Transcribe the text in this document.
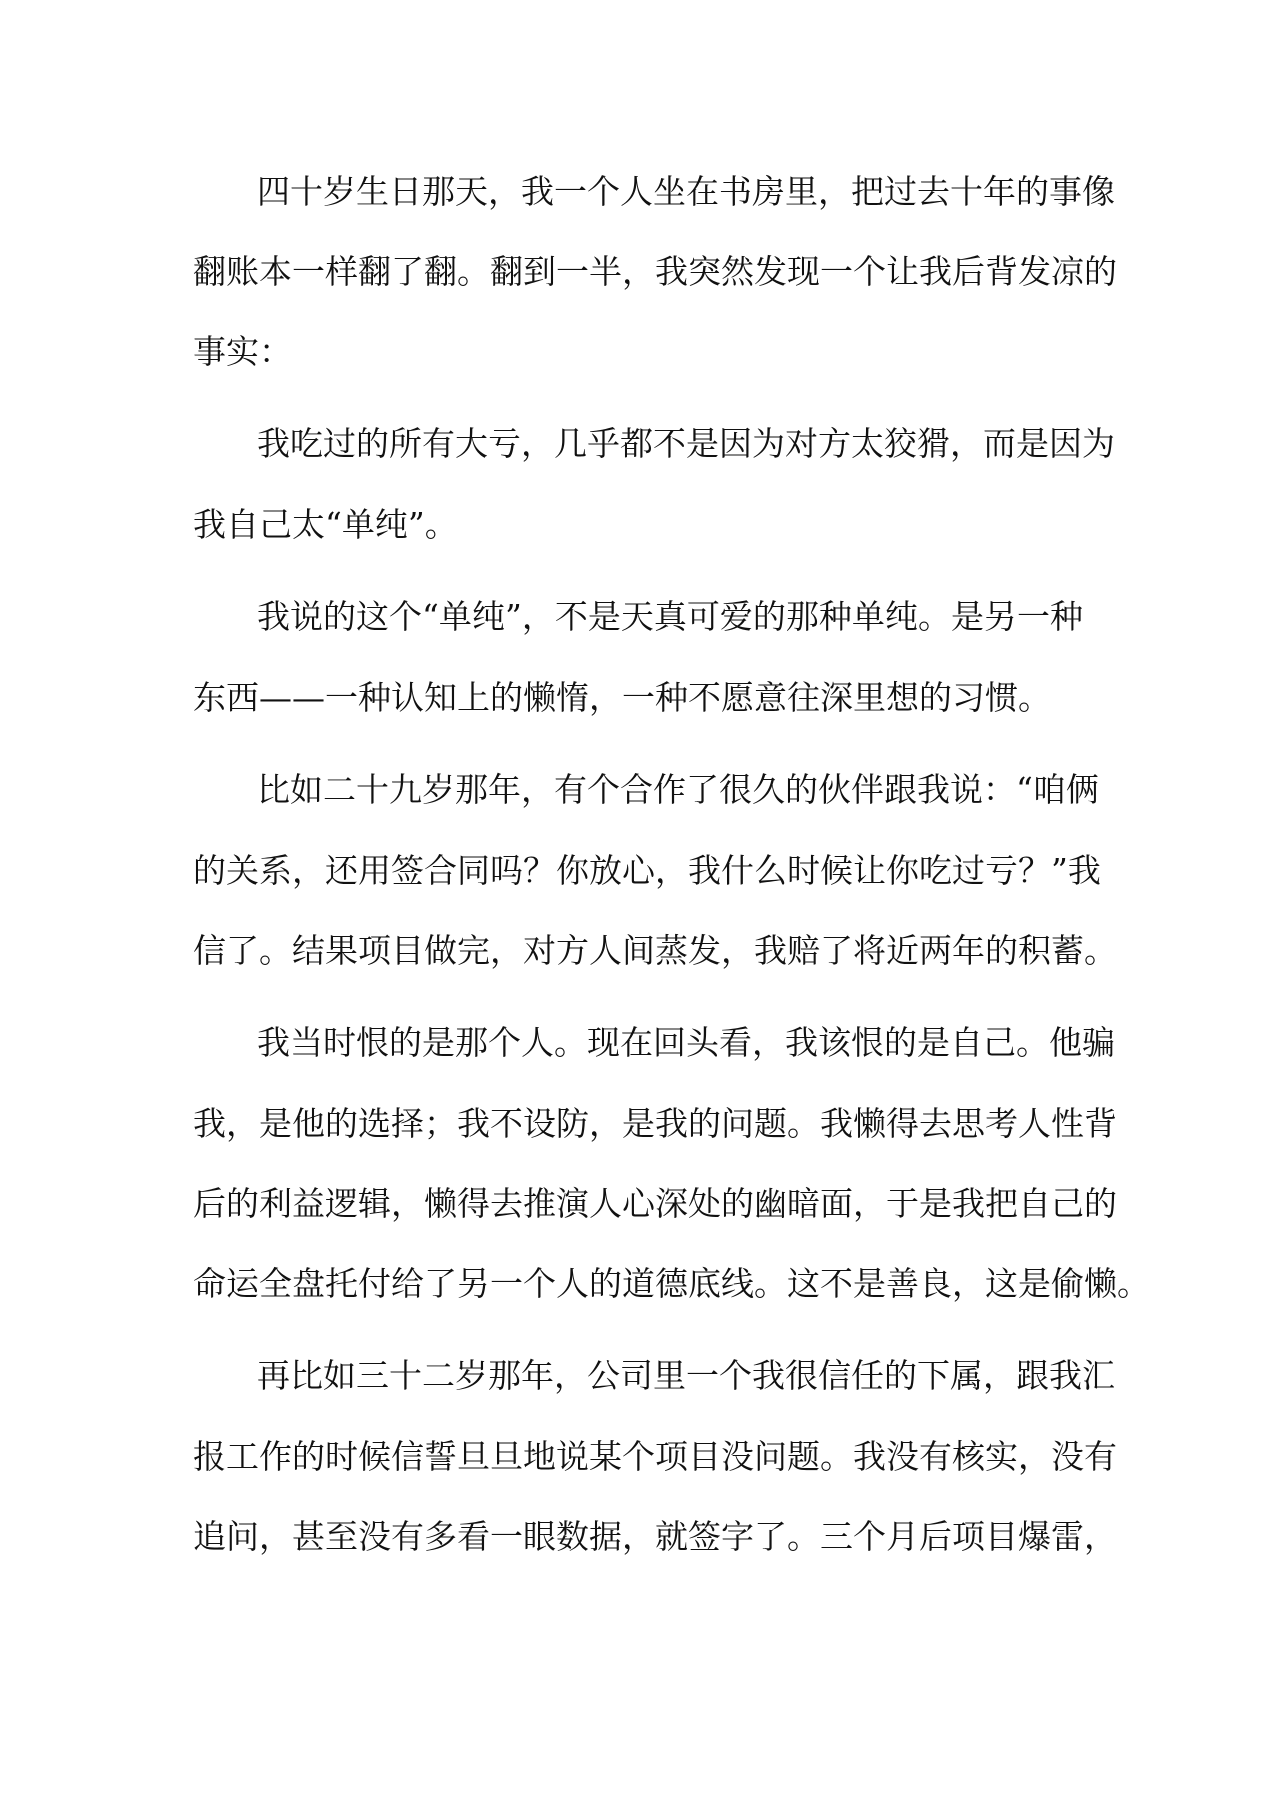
四十岁生日那天，我一个人坐在书房里，把过去十年的事像
翻账本一样翻了翻。翻到一半，我突然发现一个让我后背发凉的
事实：
我吃过的所有大亏，几乎都不是因为对方太狡猾，而是因为
我自己太“单纯”。
我说的这个“单纯”，不是天真可爱的那种单纯。是另一种
东西——一种认知上的懒惰，一种不愿意往深里想的习惯。
比如二十九岁那年，有个合作了很久的伙伴跟我说：“咱俩
的关系，还用签合同吗？你放心，我什么时候让你吃过亏？”我
信了。结果项目做完，对方人间蒸发，我赔了将近两年的积蓄。
我当时恨的是那个人。现在回头看，我该恨的是自己。他骗
我，是他的选择；我不设防，是我的问题。我懒得去思考人性背
后的利益逻辑，懒得去推演人心深处的幽暗面，于是我把自己的
命运全盘托付给了另一个人的道德底线。这不是善良，这是偷懒。
再比如三十二岁那年，公司里一个我很信任的下属，跟我汇
报工作的时候信誓旦旦地说某个项目没问题。我没有核实，没有
追问，甚至没有多看一眼数据，就签字了。三个月后项目爆雷，
